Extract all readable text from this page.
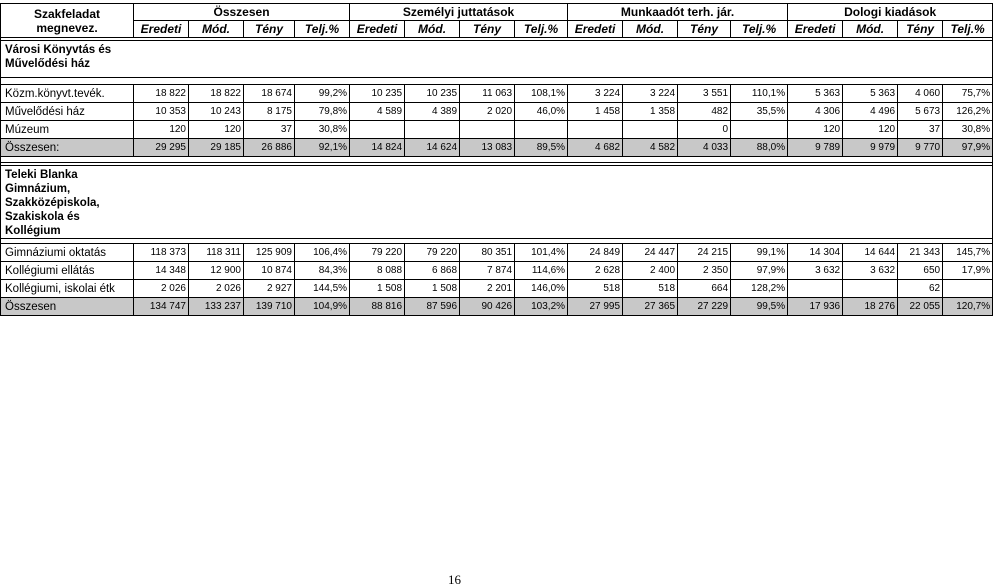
Szakfeladat megnevez.	Összesen				Személyi juttatások				Munkaadót terh. jár.				Dologi kiadások			
	Eredeti	Mód.	Tény	Telj.%	Eredeti	Mód.	Tény	Telj.%	Eredeti	Mód.	Tény	Telj.%	Eredeti	Mód.	Tény	Telj.%

Városi Könyvtás és Művelődési ház																

Közm.könyvt.tevék.	18 822	18 822	18 674	99,2%	10 235	10 235	11 063	108,1%	3 224	3 224	3 551	110,1%	5 363	5 363	4 060	75,7%
Művelődési ház	10 353	10 243	8 175	79,8%	4 589	4 389	2 020	46,0%	1 458	1 358	482	35,5%	4 306	4 496	5 673	126,2%
Múzeum	120	120	37	30,8%							0		120	120	37	30,8%
Összesen:	29 295	29 185	26 886	92,1%	14 824	14 624	13 083	89,5%	4 682	4 582	4 033	88,0%	9 789	9 979	9 770	97,9%

Teleki Blanka Gimnázium, Szakközépiskola, Szakiskola és Kollégium																

Gimnáziumi oktatás	118 373	118 311	125 909	106,4%	79 220	79 220	80 351	101,4%	24 849	24 447	24 215	99,1%	14 304	14 644	21 343	145,7%
Kollégiumi ellátás	14 348	12 900	10 874	84,3%	8 088	6 868	7 874	114,6%	2 628	2 400	2 350	97,9%	3 632	3 632	650	17,9%
Kollégiumi, iskolai étk	2 026	2 026	2 927	144,5%	1 508	1 508	2 201	146,0%	518	518	664	128,2%			62	
Összesen	134 747	133 237	139 710	104,9%	88 816	87 596	90 426	103,2%	27 995	27 365	27 229	99,5%	17 936	18 276	22 055	120,7%
16
